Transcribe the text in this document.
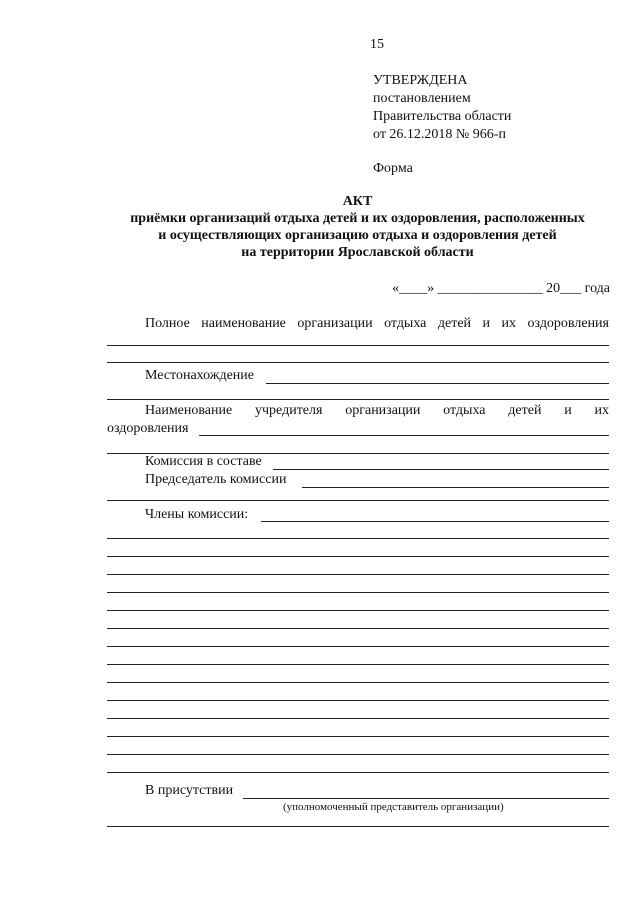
15
УТВЕРЖДЕНА
постановлением
Правительства области
от 26.12.2018 № 966-п
Форма
АКТ
приёмки организаций отдыха детей и их оздоровления, расположенных
и осуществляющих организацию отдыха и оздоровления детей
на территории Ярославской области
«____» _______________ 20___ года
Полное наименование организации отдыха детей и их оздоровления
Местонахождение
Наименование учредителя организации отдыха детей и их
оздоровления
Комиссия в составе
Председатель комиссии
Члены комиссии:
В присутствии
(уполномоченный представитель организации)
